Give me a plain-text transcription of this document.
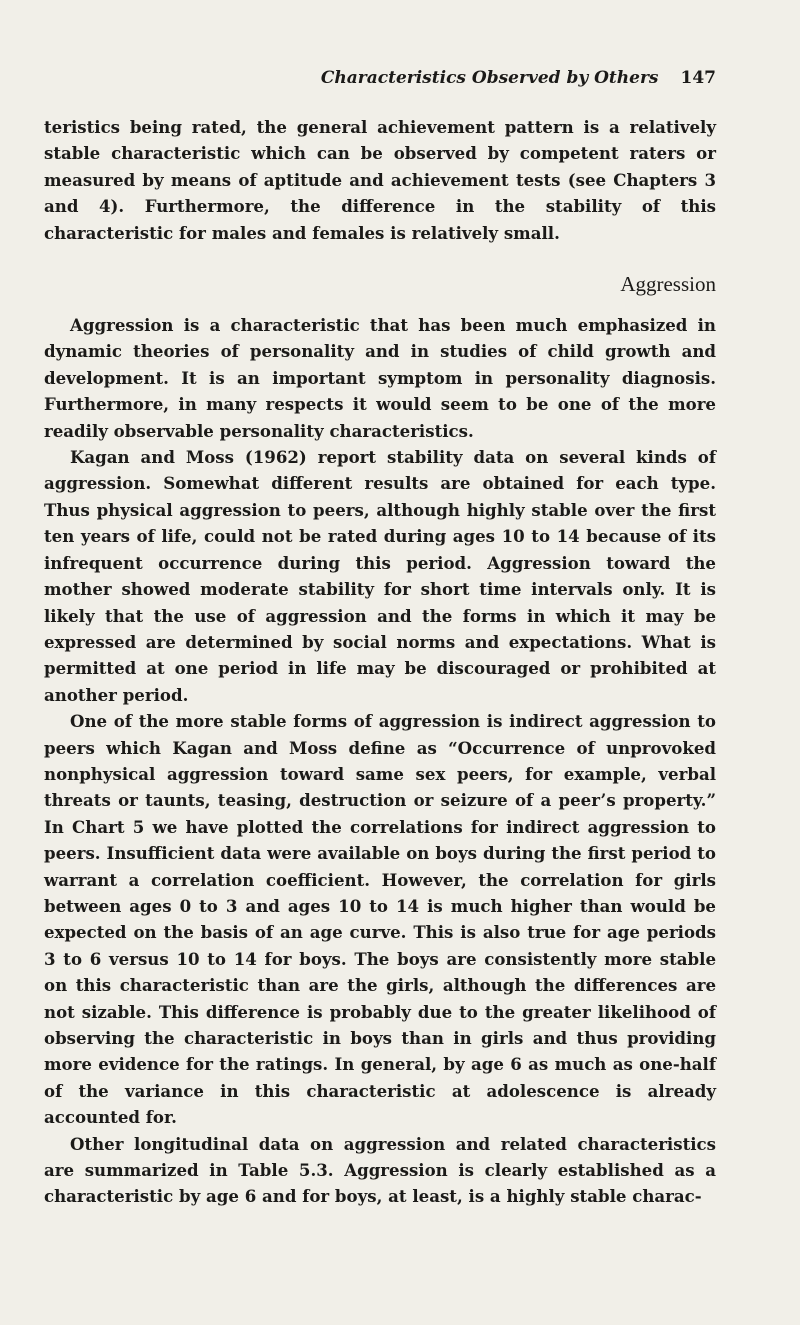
Characteristics Observed by Others 147

teristics being rated, the general achievement pattern is a relatively stable characteristic which can be observed by competent raters or measured by means of aptitude and achievement tests (see Chapters 3 and 4). Furthermore, the difference in the stability of this characteristic for males and females is relatively small.

Aggression

Aggression is a characteristic that has been much emphasized in dynamic theories of personality and in studies of child growth and development. It is an important symptom in personality diagnosis. Furthermore, in many respects it would seem to be one of the more readily observable personality characteristics.

Kagan and Moss (1962) report stability data on several kinds of aggression. Somewhat different results are obtained for each type. Thus physical aggression to peers, although highly stable over the first ten years of life, could not be rated during ages 10 to 14 because of its infrequent occurrence during this period. Aggression toward the mother showed moderate stability for short time intervals only. It is likely that the use of aggression and the forms in which it may be expressed are determined by social norms and expectations. What is permitted at one period in life may be discouraged or prohibited at another period.

One of the more stable forms of aggression is indirect aggression to peers which Kagan and Moss define as “Occurrence of unprovoked nonphysical aggression toward same sex peers, for example, verbal threats or taunts, teasing, destruction or seizure of a peer’s property.” In Chart 5 we have plotted the correlations for indirect aggression to peers. Insufficient data were available on boys during the first period to warrant a correlation coefficient. However, the correlation for girls between ages 0 to 3 and ages 10 to 14 is much higher than would be expected on the basis of an age curve. This is also true for age periods 3 to 6 versus 10 to 14 for boys. The boys are consistently more stable on this characteristic than are the girls, although the differences are not sizable. This difference is probably due to the greater likelihood of observing the characteristic in boys than in girls and thus providing more evidence for the ratings. In general, by age 6 as much as one-half of the variance in this characteristic at adolescence is already accounted for.

Other longitudinal data on aggression and related characteristics are summarized in Table 5.3. Aggression is clearly established as a characteristic by age 6 and for boys, at least, is a highly stable charac-
